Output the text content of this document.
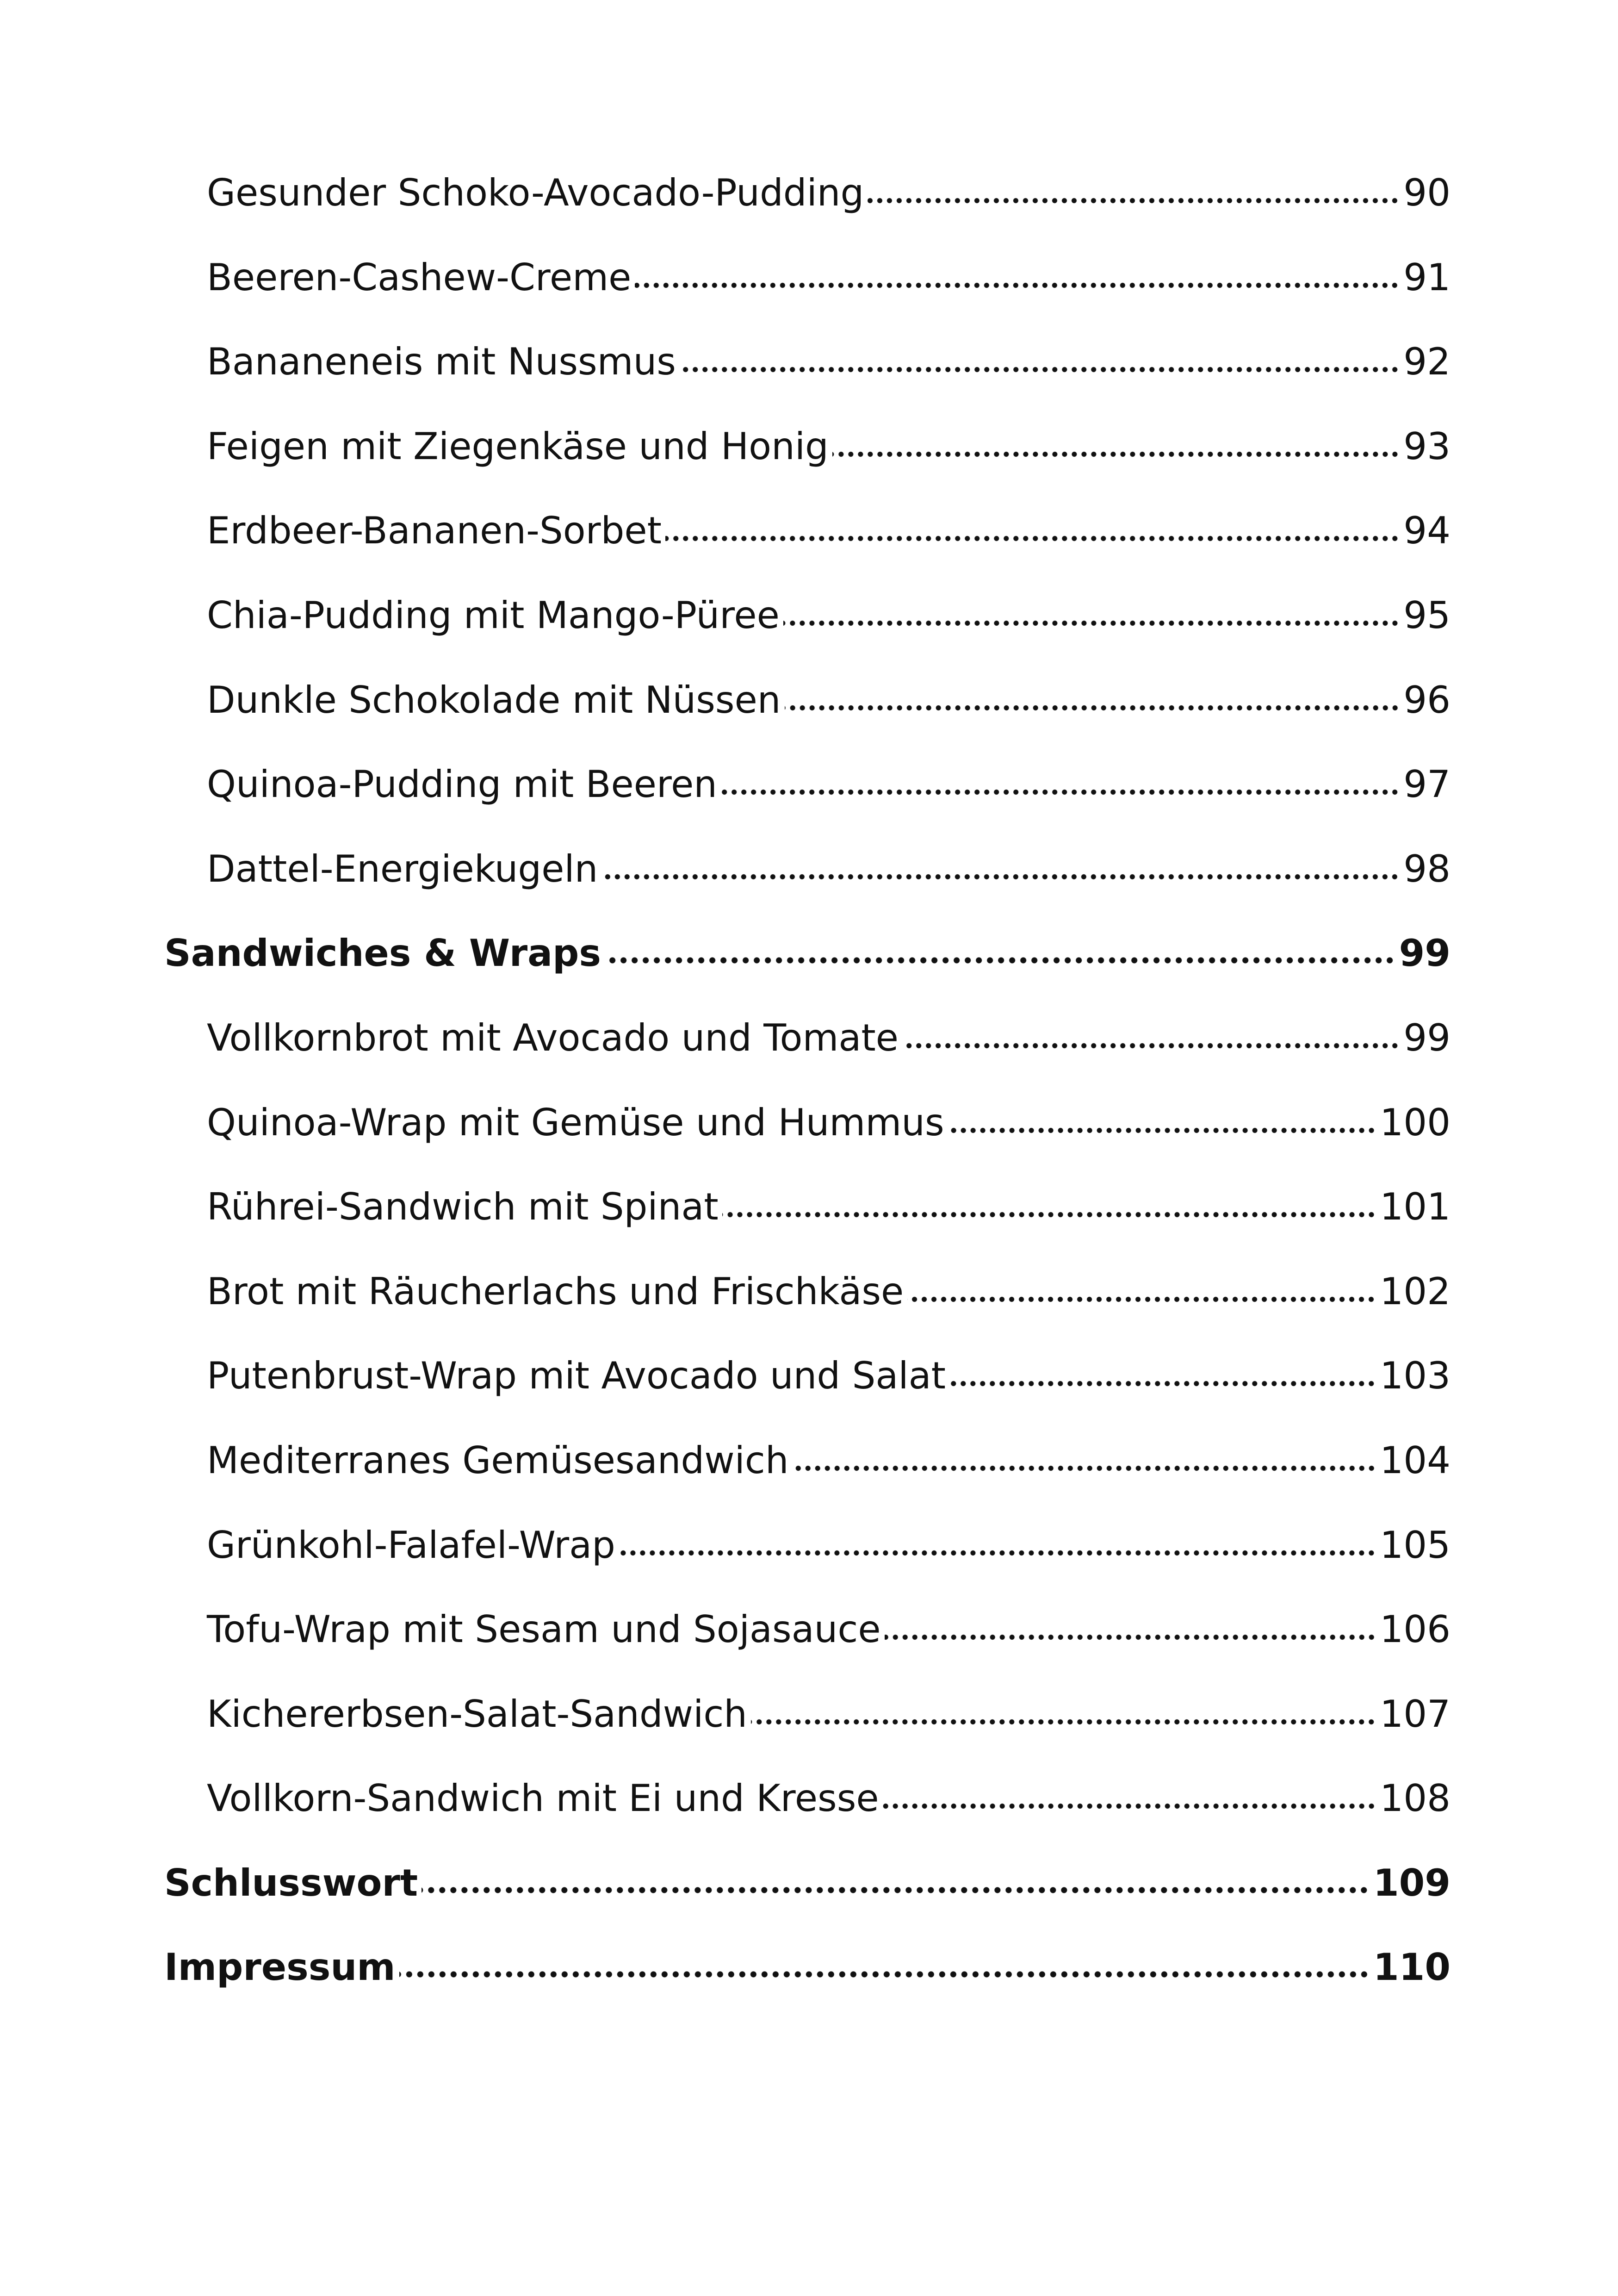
Gesunder Schoko-Avocado-Pudding	90
Beeren-Cashew-Creme	91
Bananeneis mit Nussmus	92
Feigen mit Ziegenkäse und Honig	93
Erdbeer-Bananen-Sorbet	94
Chia-Pudding mit Mango-Püree	95
Dunkle Schokolade mit Nüssen	96
Quinoa-Pudding mit Beeren	97
Dattel-Energiekugeln	98
Sandwiches & Wraps	99
Vollkornbrot mit Avocado und Tomate	99
Quinoa-Wrap mit Gemüse und Hummus	100
Rührei-Sandwich mit Spinat	101
Brot mit Räucherlachs und Frischkäse	102
Putenbrust-Wrap mit Avocado und Salat	103
Mediterranes Gemüsesandwich	104
Grünkohl-Falafel-Wrap	105
Tofu-Wrap mit Sesam und Sojasauce	106
Kichererbsen-Salat-Sandwich	107
Vollkorn-Sandwich mit Ei und Kresse	108
Schlusswort	109
Impressum	110
